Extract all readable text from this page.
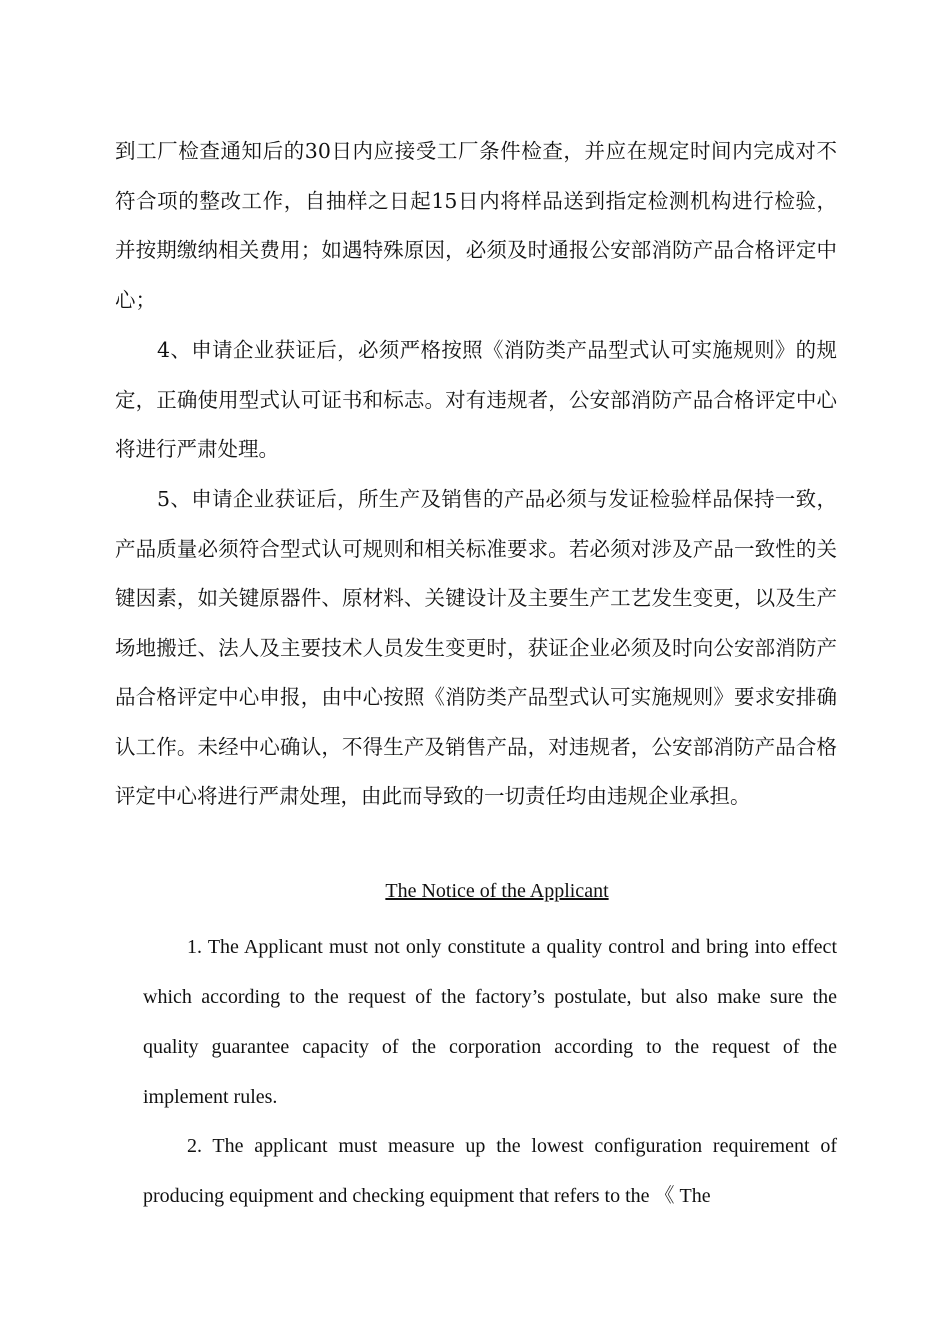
到工厂检查通知后的30日内应接受工厂条件检查，并应在规定时间内完成对不符合项的整改工作，自抽样之日起15日内将样品送到指定检测机构进行检验，并按期缴纳相关费用；如遇特殊原因，必须及时通报公安部消防产品合格评定中心；

4、申请企业获证后，必须严格按照《消防类产品型式认可实施规则》的规定，正确使用型式认可证书和标志。对有违规者，公安部消防产品合格评定中心将进行严肃处理。

5、申请企业获证后，所生产及销售的产品必须与发证检验样品保持一致，产品质量必须符合型式认可规则和相关标准要求。若必须对涉及产品一致性的关键因素，如关键原器件、原材料、关键设计及主要生产工艺发生变更，以及生产场地搬迁、法人及主要技术人员发生变更时，获证企业必须及时向公安部消防产品合格评定中心申报，由中心按照《消防类产品型式认可实施规则》要求安排确认工作。未经中心确认，不得生产及销售产品，对违规者，公安部消防产品合格评定中心将进行严肃处理，由此而导致的一切责任均由违规企业承担。

The Notice of the Applicant

1. The Applicant must not only constitute a quality control and bring into effect which according to the request of the factory’s postulate, but also make sure the quality guarantee capacity of the corporation according to the request of the implement rules.

2. The applicant must measure up the lowest configuration requirement of producing equipment and checking equipment that refers to the 《 The
